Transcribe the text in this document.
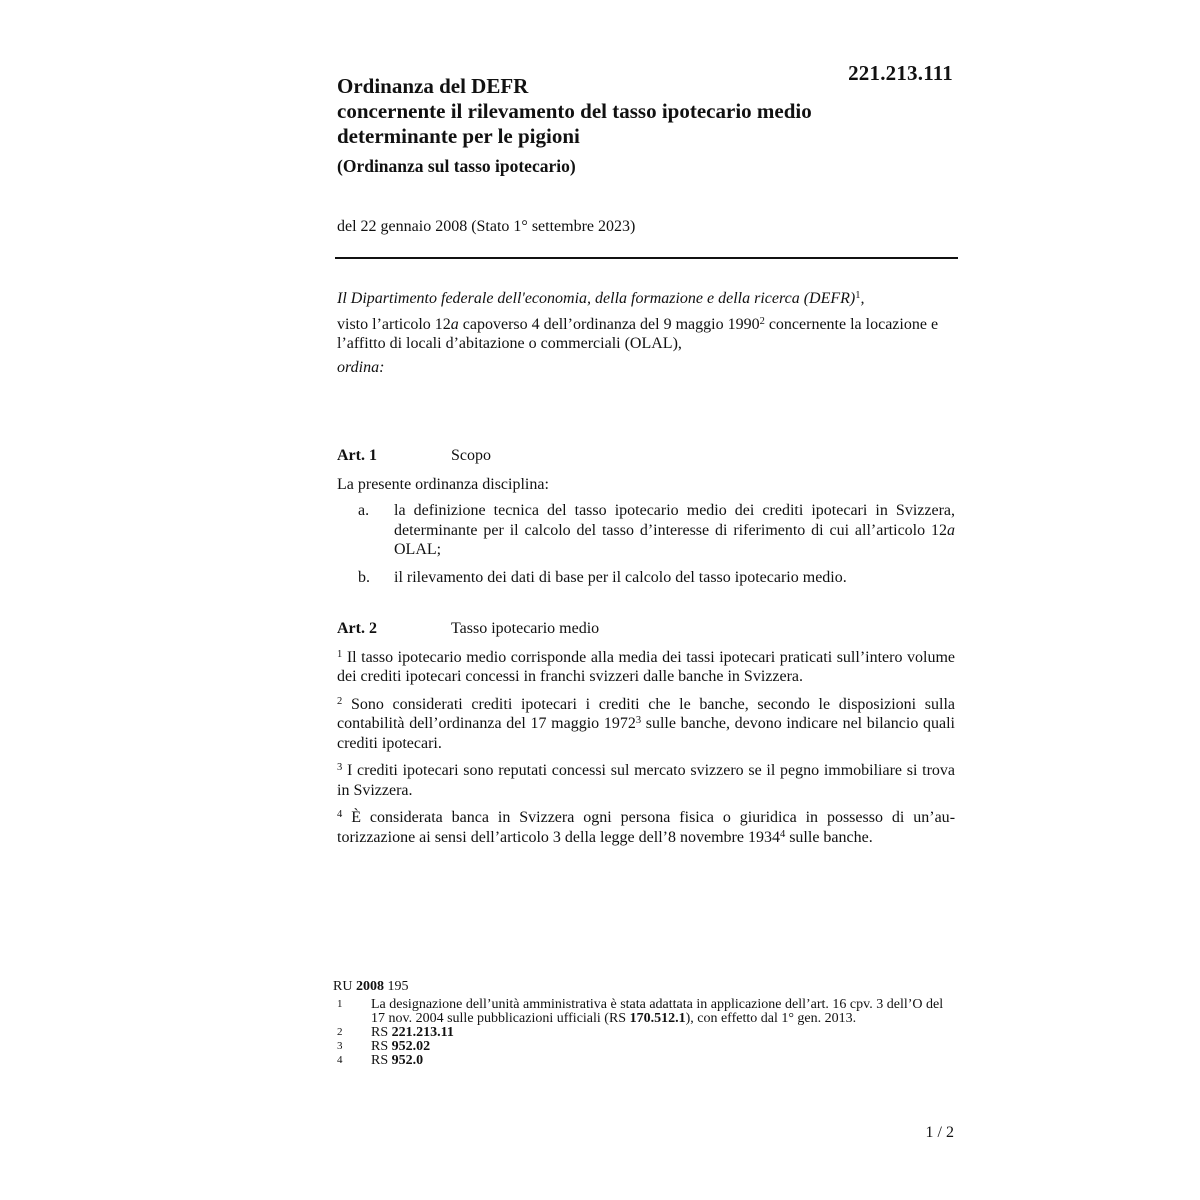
221.213.111
Ordinanza del DEFR
concernente il rilevamento del tasso ipotecario medio
determinante per le pigioni
(Ordinanza sul tasso ipotecario)
del 22 gennaio 2008 (Stato 1° settembre 2023)

Il Dipartimento federale dell'economia, della formazione e della ricerca (DEFR)$^1$,

visto l’articolo 12a capoverso 4 dell’ordinanza del 9 maggio 1990$^2$ concernente la locazione e l’affitto di locali d’abitazione o commerciali (OLAL),

ordina:

Art. 1	Scopo

La presente ordinanza disciplina:

a.	la definizione tecnica del tasso ipotecario medio dei crediti ipotecari in Svizzera, determinante per il calcolo del tasso d’interesse di riferimento di cui all’articolo 12a OLAL;
b.	il rilevamento dei dati di base per il calcolo del tasso ipotecario medio.
Art. 2	Tasso ipotecario medio

$^1$ Il tasso ipotecario medio corrisponde alla media dei tassi ipotecari praticati sull’intero volume dei crediti ipotecari concessi in franchi svizzeri dalle banche in Svizzera.

$^2$ Sono considerati crediti ipotecari i crediti che le banche, secondo le disposizioni sulla contabilità dell’ordinanza del 17 maggio 1972$^3$ sulle banche, devono indicare nel bilancio quali crediti ipotecari.

$^3$ I crediti ipotecari sono reputati concessi sul mercato svizzero se il pegno immobiliare si trova in Svizzera.

$^4$ È considerata banca in Svizzera ogni persona fisica o giuridica in possesso di un’autorizzazione ai sensi dell’articolo 3 della legge dell’8 novembre 1934$^4$ sulle banche.

RU 2008 195
1	La designazione dell’unità amministrativa è stata adattata in applicazione dell’art. 16 cpv. 3 dell’O del 17 nov. 2004 sulle pubblicazioni ufficiali (RS 170.512.1), con effetto dal 1° gen. 2013.
2	RS 221.213.11
3	RS 952.02
4	RS 952.0
1 / 2
